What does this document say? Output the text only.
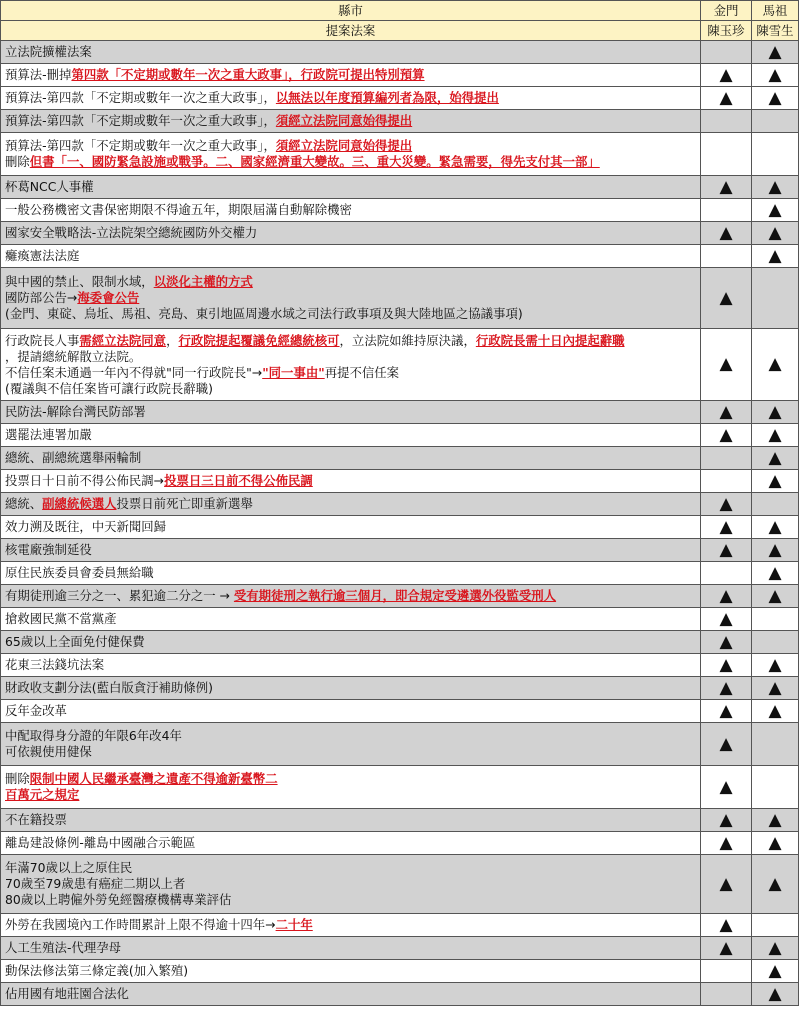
縣市	金門	馬祖
提案法案	陳玉珍	陳雪生

立法院擴權法案		▲

預算法-刪掉第四款「不定期或數年一次之重大政事」，行政院可提出特別預算	▲	▲

預算法-第四款「不定期或數年一次之重大政事」，以無法以年度預算編列者為限，始得提出	▲	▲

預算法-第四款「不定期或數年一次之重大政事」，須經立法院同意始得提出		

預算法-第四款「不定期或數年一次之重大政事」，須經立法院同意始得提出
刪除但書「一、國防緊急設施或戰爭。二、國家經濟重大變故。三、重大災變。緊急需要，得先支付其一部」		

杯葛NCC人事權	▲	▲

一般公務機密文書保密期限不得逾五年，期限屆滿自動解除機密		▲

國家安全戰略法-立法院架空總統國防外交權力	▲	▲

癱瘓憲法法庭		▲

與中國的禁止、限制水域，以淡化主權的方式
國防部公告→海委會公告
(金門、東碇、烏坵、馬祖、亮島、東引地區周邊水域之司法行政事項及與大陸地區之協議事項)	▲	

行政院長人事需經立法院同意，行政院提起覆議免經總統核可，立法院如維持原決議，行政院長需十日內提起辭職
，提請總統解散立法院。
不信任案未通過一年內不得就"同一行政院長"→"同一事由"再提不信任案
(覆議與不信任案皆可讓行政院長辭職)	▲	▲

民防法-解除台灣民防部署	▲	▲

選罷法連署加嚴	▲	▲

總統、副總統選舉兩輪制		▲

投票日十日前不得公佈民調→投票日三日前不得公佈民調		▲

總統、副總統候選人投票日前死亡即重新選舉	▲	

效力溯及既往，中天新聞回歸	▲	▲

核電廠強制延役	▲	▲

原住民族委員會委員無給職		▲

有期徒刑逾三分之一、累犯逾二分之一 → 受有期徒刑之執行逾三個月，即合規定受遴選外役監受刑人	▲	▲

搶救國民黨不當黨產	▲	

65歲以上全面免付健保費	▲	

花東三法錢坑法案	▲	▲

財政收支劃分法(藍白版貪汙補助條例)	▲	▲

反年金改革	▲	▲

中配取得身分證的年限6年改4年
可依親使用健保	▲	

刪除限制中國人民繼承臺灣之遺產不得逾新臺幣二
百萬元之規定	▲	

不在籍投票	▲	▲

離島建設條例-離島中國融合示範區	▲	▲

年滿70歲以上之原住民
70歲至79歲患有癌症二期以上者
80歲以上聘僱外勞免經醫療機構專業評估	▲	▲

外勞在我國境內工作時間累計上限不得逾十四年→二十年	▲	

人工生殖法-代理孕母	▲	▲

動保法修法第三條定義(加入繁殖)		▲

佔用國有地莊園合法化		▲
